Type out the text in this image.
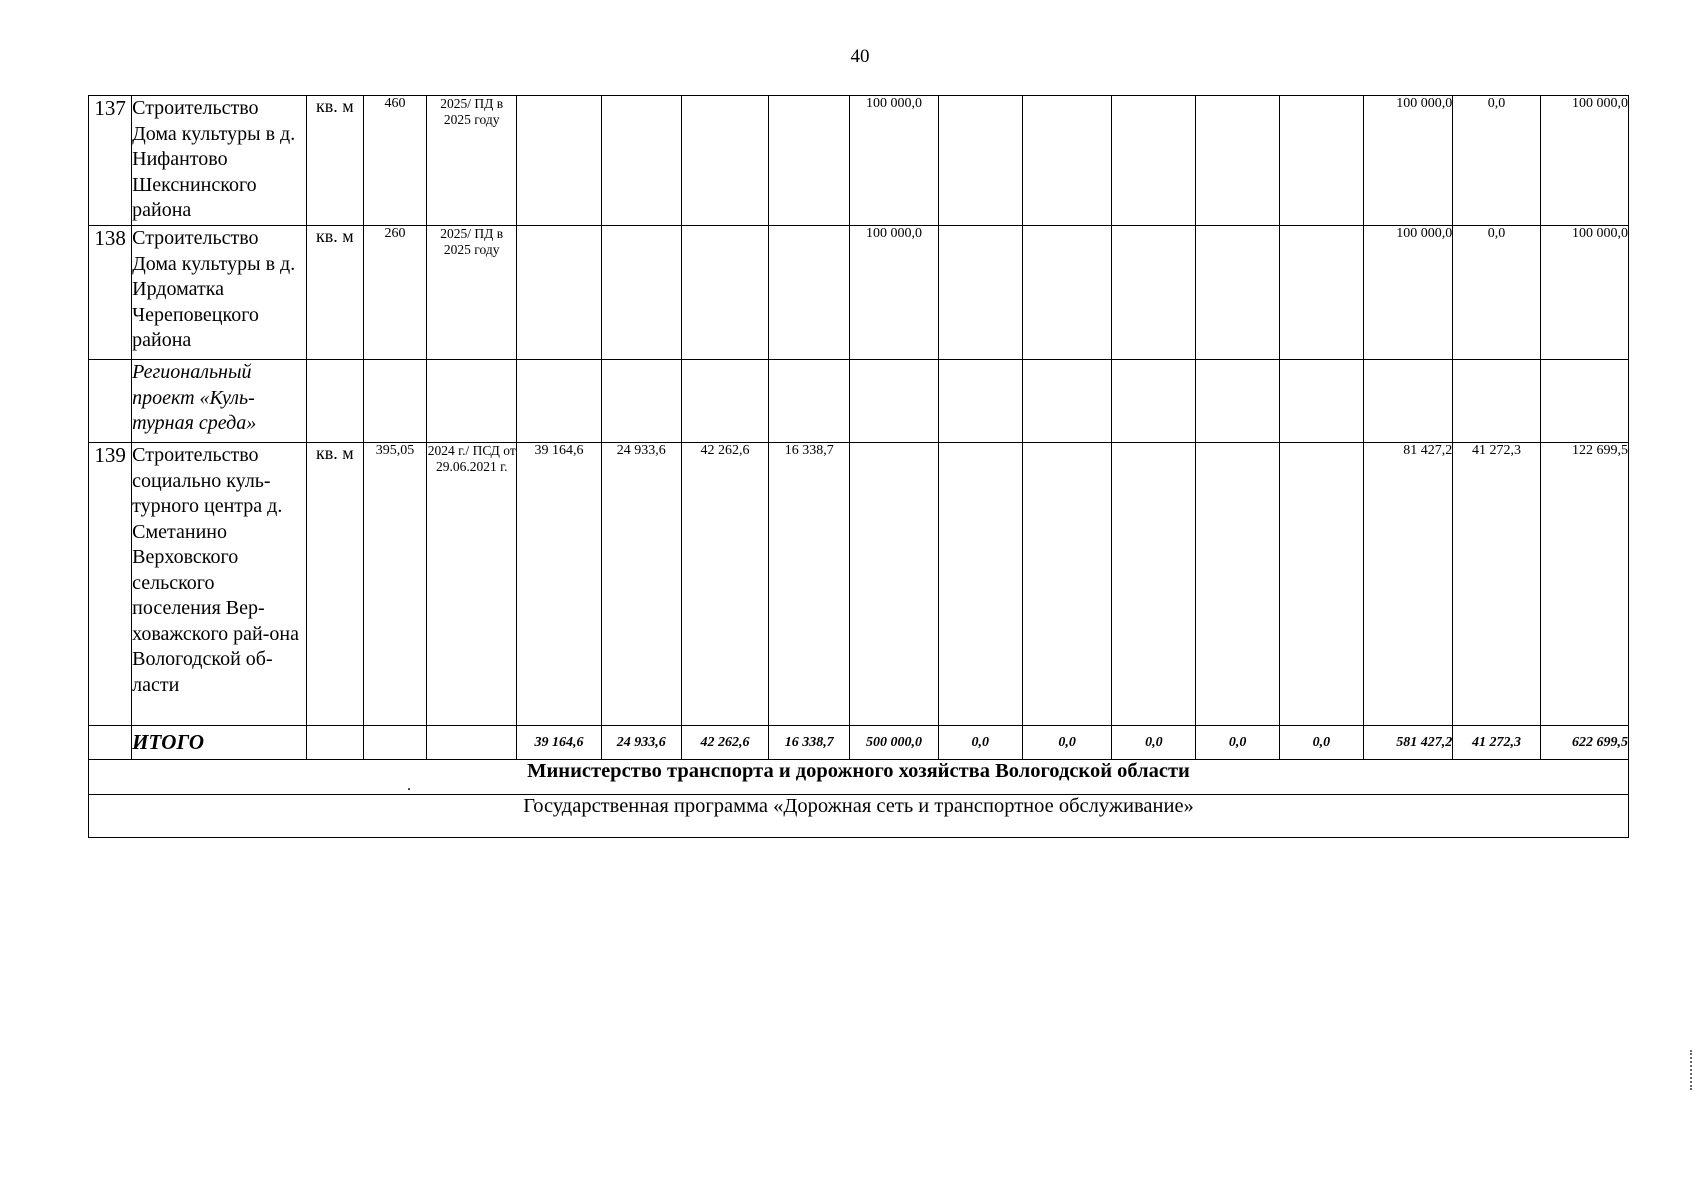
40
137	Строительство Дома культуры в д. Нифантово Шекснинского района	кв. м	460	2025/ ПД в 2025 году					100 000,0						100 000,0	0,0	100 000,0
138	Строительство Дома культуры в д. Ирдоматка Череповецкого района	кв. м	260	2025/ ПД в 2025 году					100 000,0						100 000,0	0,0	100 000,0
	Региональный проект «Куль-турная среда»																
139	Строительство социально куль-турного центра д. Сметанино Верховского сельского поселения Вер-ховажского рай-она Вологодской об-ласти	кв. м	395,05	2024 г./ ПСД от 29.06.2021 г.	39 164,6	24 933,6	42 262,6	16 338,7							81 427,2	41 272,3	122 699,5
	ИТОГО				39 164,6	24 933,6	42 262,6	16 338,7	500 000,0	0,0	0,0	0,0	0,0	0,0	581 427,2	41 272,3	622 699,5
Министерство транспорта и дорожного хозяйства Вологодской области																	
Государственная программа «Дорожная сеть и транспортное обслуживание»																	
.
